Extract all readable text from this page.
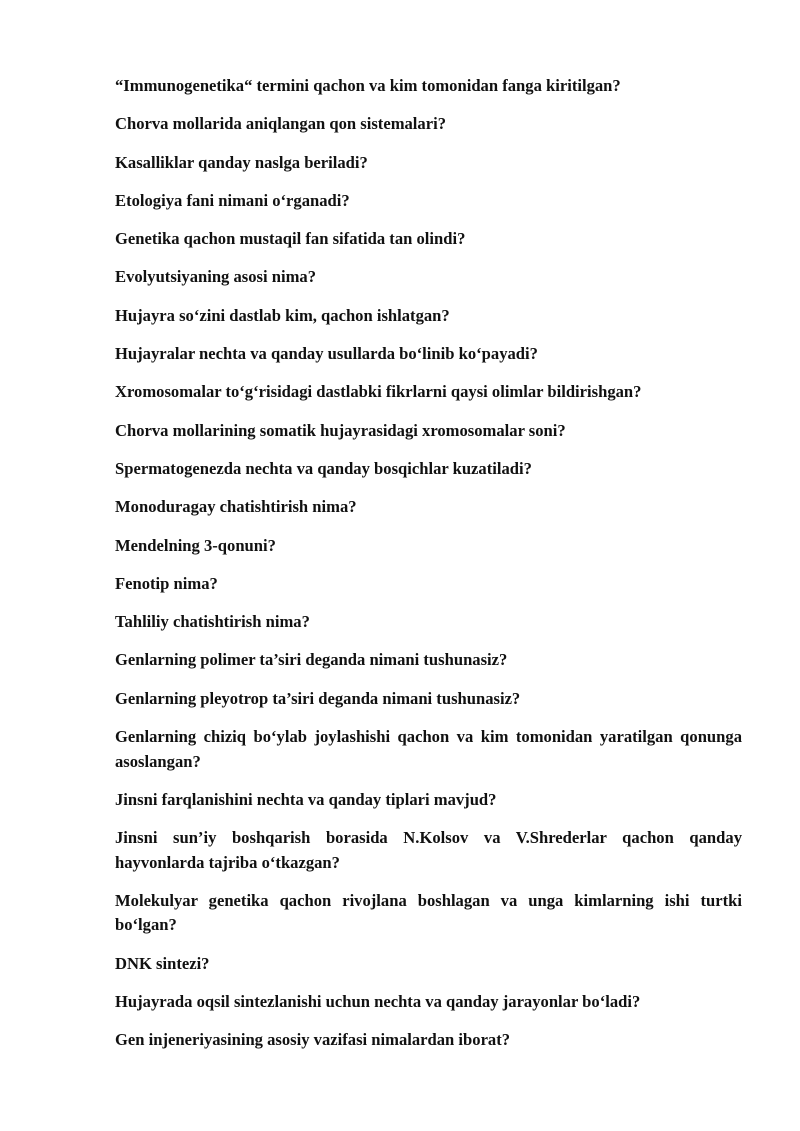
“Immunogenetika“ termini qachon va kim tomonidan fanga kiritilgan?

Chorva mollarida aniqlangan qon sistemalari?

Kasalliklar qanday naslga beriladi?

Etologiya fani nimani o‘rganadi?

Genetika qachon mustaqil fan sifatida tan olindi?

Evolyutsiyaning asosi nima?

Hujayra so‘zini dastlab kim, qachon ishlatgan?

Hujayralar nechta va qanday usullarda bo‘linib ko‘payadi?

Xromosomalar to‘g‘risidagi dastlabki fikrlarni qaysi olimlar bildirishgan?

Chorva mollarining somatik hujayrasidagi xromosomalar soni?

Spermatogenezda nechta va qanday bosqichlar kuzatiladi?

Monoduragay chatishtirish nima?

Mendelning 3-qonuni?

Fenotip nima?

Tahliliy chatishtirish nima?

Genlarning polimer ta’siri deganda nimani tushunasiz?

Genlarning pleyotrop ta’siri deganda nimani tushunasiz?

Genlarning chiziq bo‘ylab joylashishi qachon va kim tomonidan yaratilgan qonunga asoslangan?

Jinsni farqlanishini nechta va qanday tiplari mavjud?

Jinsni sun’iy boshqarish borasida N.Kolsov va V.Shrederlar qachon qanday hayvonlarda tajriba o‘tkazgan?

Molekulyar genetika qachon rivojlana boshlagan va unga kimlarning ishi turtki bo‘lgan?

DNK sintezi?

Hujayrada oqsil sintezlanishi uchun nechta va qanday jarayonlar bo‘ladi?

Gen injeneriyasining asosiy vazifasi nimalardan iborat?
